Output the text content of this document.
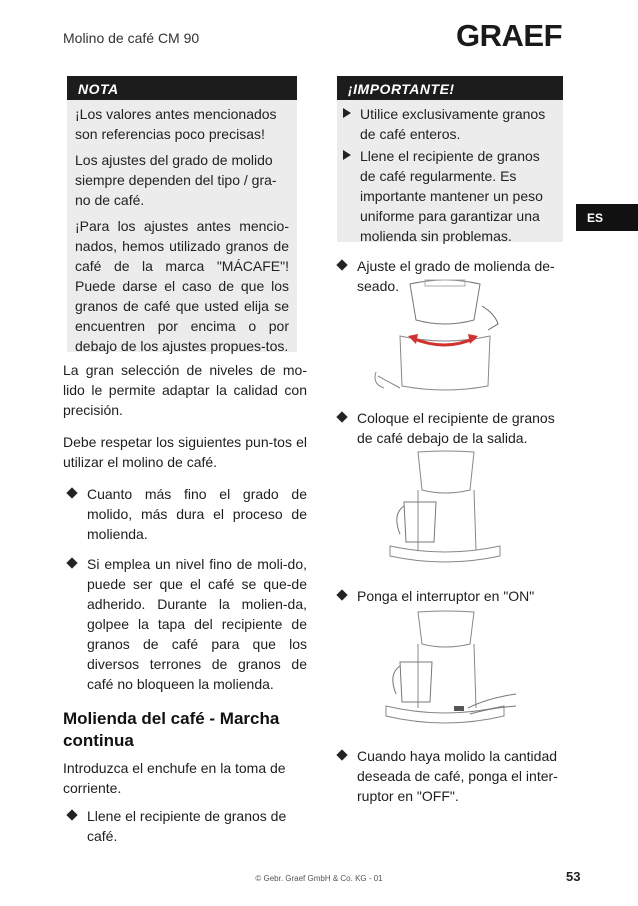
Molino de café CM 90	GRAEF
ES
NOTA

¡Los valores antes mencionados son referencias poco precisas!

Los ajustes del grado de molido siempre dependen del tipo / gra-no de café.

¡Para los ajustes antes mencio-nados, hemos utilizado granos de café de la marca "MÁCAFE"! Puede darse el caso de que los granos de café que usted elija se encuentren por encima o por debajo de los ajustes propues-tos.

La gran selección de niveles de mo-lido le permite adaptar la calidad con precisión.

Debe respetar los siguientes pun-tos el utilizar el molino de café.

Cuanto más fino el grado de molido, más dura el proceso de molienda.
Si emplea un nivel fino de moli-do, puede ser que el café se que-de adherido. Durante la molien-da, golpee la tapa del recipiente de granos de café para que los diversos terrones de granos de café no bloqueen la molienda.
Molienda del café - Marcha continua

Introduzca el enchufe en la toma de corriente.

Llene el recipiente de granos de café.
¡IMPORTANTE!
Utilice exclusivamente granos de café enteros.
Llene el recipiente de granos de café regularmente. Es importante mantener un peso uniforme para garantizar una molienda sin problemas.
Ajuste el grado de molienda de-seado.
Coloque el recipiente de granos de café debajo de la salida.
Ponga el interruptor en "ON"
Cuando haya molido la cantidad deseada de café, ponga el inter-ruptor en "OFF".
© Gebr. Graef GmbH & Co. KG - 01	53
